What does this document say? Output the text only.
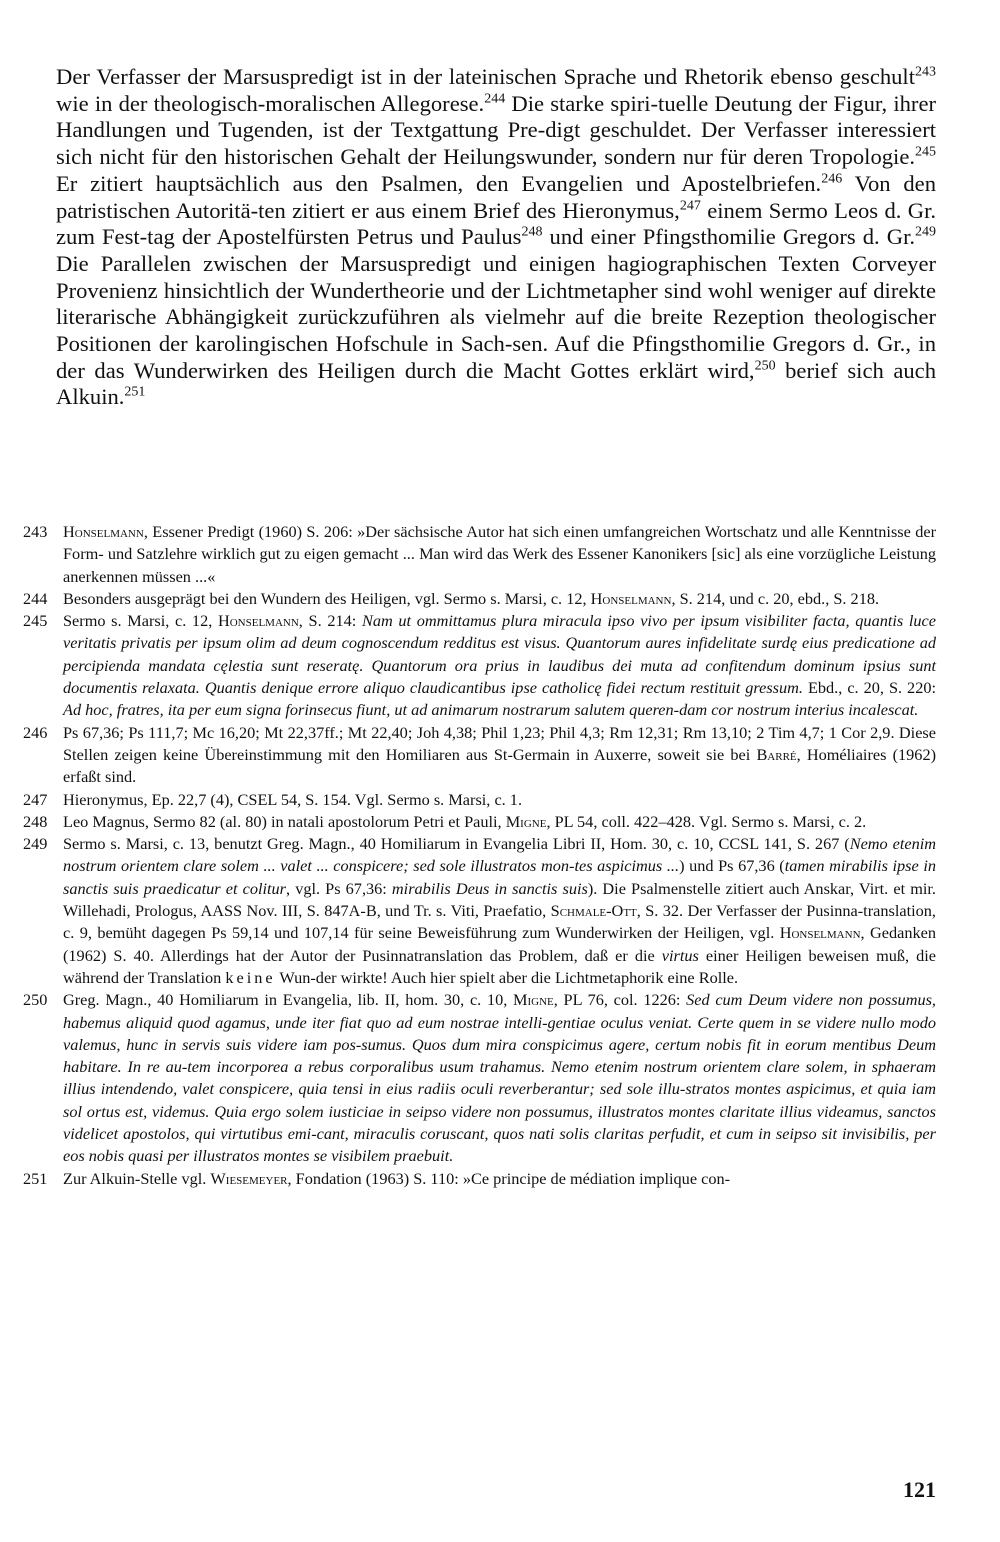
Der Verfasser der Marsuspredigt ist in der lateinischen Sprache und Rhetorik ebenso geschult$^{243}$ wie in der theologisch-moralischen Allegorese.$^{244}$ Die starke spiri-tuelle Deutung der Figur, ihrer Handlungen und Tugenden, ist der Textgattung Pre-digt geschuldet. Der Verfasser interessiert sich nicht für den historischen Gehalt der Heilungswunder, sondern nur für deren Tropologie.$^{245}$ Er zitiert hauptsächlich aus den Psalmen, den Evangelien und Apostelbriefen.$^{246}$ Von den patristischen Autoritä-ten zitiert er aus einem Brief des Hieronymus,$^{247}$ einem Sermo Leos d. Gr. zum Fest-tag der Apostelfürsten Petrus und Paulus$^{248}$ und einer Pfingsthomilie Gregors d. Gr.$^{249}$ Die Parallelen zwischen der Marsuspredigt und einigen hagiographischen Texten Corveyer Provenienz hinsichtlich der Wundertheorie und der Lichtmetapher sind wohl weniger auf direkte literarische Abhängigkeit zurückzuführen als vielmehr auf die breite Rezeption theologischer Positionen der karolingischen Hofschule in Sach-sen. Auf die Pfingsthomilie Gregors d. Gr., in der das Wunderwirken des Heiligen durch die Macht Gottes erklärt wird,$^{250}$ berief sich auch Alkuin.$^{251}$

243 Honselmann, Essener Predigt (1960) S. 206: »Der sächsische Autor hat sich einen umfangreichen Wortschatz und alle Kenntnisse der Form- und Satzlehre wirklich gut zu eigen gemacht ... Man wird das Werk des Essener Kanonikers [sic] als eine vorzügliche Leistung anerkennen müssen ...«
244 Besonders ausgeprägt bei den Wundern des Heiligen, vgl. Sermo s. Marsi, c. 12, Honselmann, S. 214, und c. 20, ebd., S. 218.
245 Sermo s. Marsi, c. 12, Honselmann, S. 214: Nam ut ommittamus plura miracula ipso vivo per ipsum visibiliter facta, quantis luce veritatis privatis per ipsum olim ad deum cognoscendum redditus est visus. Quantorum aures infidelitate surdę eius predicatione ad percipienda mandata cęlestia sunt reseratę. Quantorum ora prius in laudibus dei muta ad confitendum dominum ipsius sunt documentis relaxata. Quantis denique errore aliquo claudicantibus ipse catholicę fidei rectum restituit gressum. Ebd., c. 20, S. 220: Ad hoc, fratres, ita per eum signa forinsecus fiunt, ut ad animarum nostrarum salutem queren-dam cor nostrum interius incalescat.
246 Ps 67,36; Ps 111,7; Mc 16,20; Mt 22,37ff.; Mt 22,40; Joh 4,38; Phil 1,23; Phil 4,3; Rm 12,31; Rm 13,10; 2 Tim 4,7; 1 Cor 2,9. Diese Stellen zeigen keine Übereinstimmung mit den Homiliaren aus St-Germain in Auxerre, soweit sie bei Barré, Homéliaires (1962) erfaßt sind.
247 Hieronymus, Ep. 22,7 (4), CSEL 54, S. 154. Vgl. Sermo s. Marsi, c. 1.
248 Leo Magnus, Sermo 82 (al. 80) in natali apostolorum Petri et Pauli, Migne, PL 54, coll. 422–428. Vgl. Sermo s. Marsi, c. 2.
249 Sermo s. Marsi, c. 13, benutzt Greg. Magn., 40 Homiliarum in Evangelia Libri II, Hom. 30, c. 10, CCSL 141, S. 267 (Nemo etenim nostrum orientem clare solem ... valet ... conspicere; sed sole illustratos mon-tes aspicimus ...) und Ps 67,36 (tamen mirabilis ipse in sanctis suis praedicatur et colitur, vgl. Ps 67,36: mirabilis Deus in sanctis suis). Die Psalmenstelle zitiert auch Anskar, Virt. et mir. Willehadi, Prologus, AASS Nov. III, S. 847A-B, und Tr. s. Viti, Praefatio, Schmale-Ott, S. 32. Der Verfasser der Pusinna-translation, c. 9, bemüht dagegen Ps 59,14 und 107,14 für seine Beweisführung zum Wunderwirken der Heiligen, vgl. Honselmann, Gedanken (1962) S. 40. Allerdings hat der Autor der Pusinnatranslation das Problem, daß er die virtus einer Heiligen beweisen muß, die während der Translation keine Wun-der wirkte! Auch hier spielt aber die Lichtmetaphorik eine Rolle.
250 Greg. Magn., 40 Homiliarum in Evangelia, lib. II, hom. 30, c. 10, Migne, PL 76, col. 1226: Sed cum Deum videre non possumus, habemus aliquid quod agamus, unde iter fiat quo ad eum nostrae intelli-gentiae oculus veniat. Certe quem in se videre nullo modo valemus, hunc in servis suis videre iam pos-sumus. Quos dum mira conspicimus agere, certum nobis fit in eorum mentibus Deum habitare. In re au-tem incorporea a rebus corporalibus usum trahamus. Nemo etenim nostrum orientem clare solem, in sphaeram illius intendendo, valet conspicere, quia tensi in eius radiis oculi reverberantur; sed sole illu-stratos montes aspicimus, et quia iam sol ortus est, videmus. Quia ergo solem iusticiae in seipso videre non possumus, illustratos montes claritate illius videamus, sanctos videlicet apostolos, qui virtutibus emi-cant, miraculis coruscant, quos nati solis claritas perfudit, et cum in seipso sit invisibilis, per eos nobis quasi per illustratos montes se visibilem praebuit.
251 Zur Alkuin-Stelle vgl. Wiesemeyer, Fondation (1963) S. 110: »Ce principe de médiation implique con-
121
